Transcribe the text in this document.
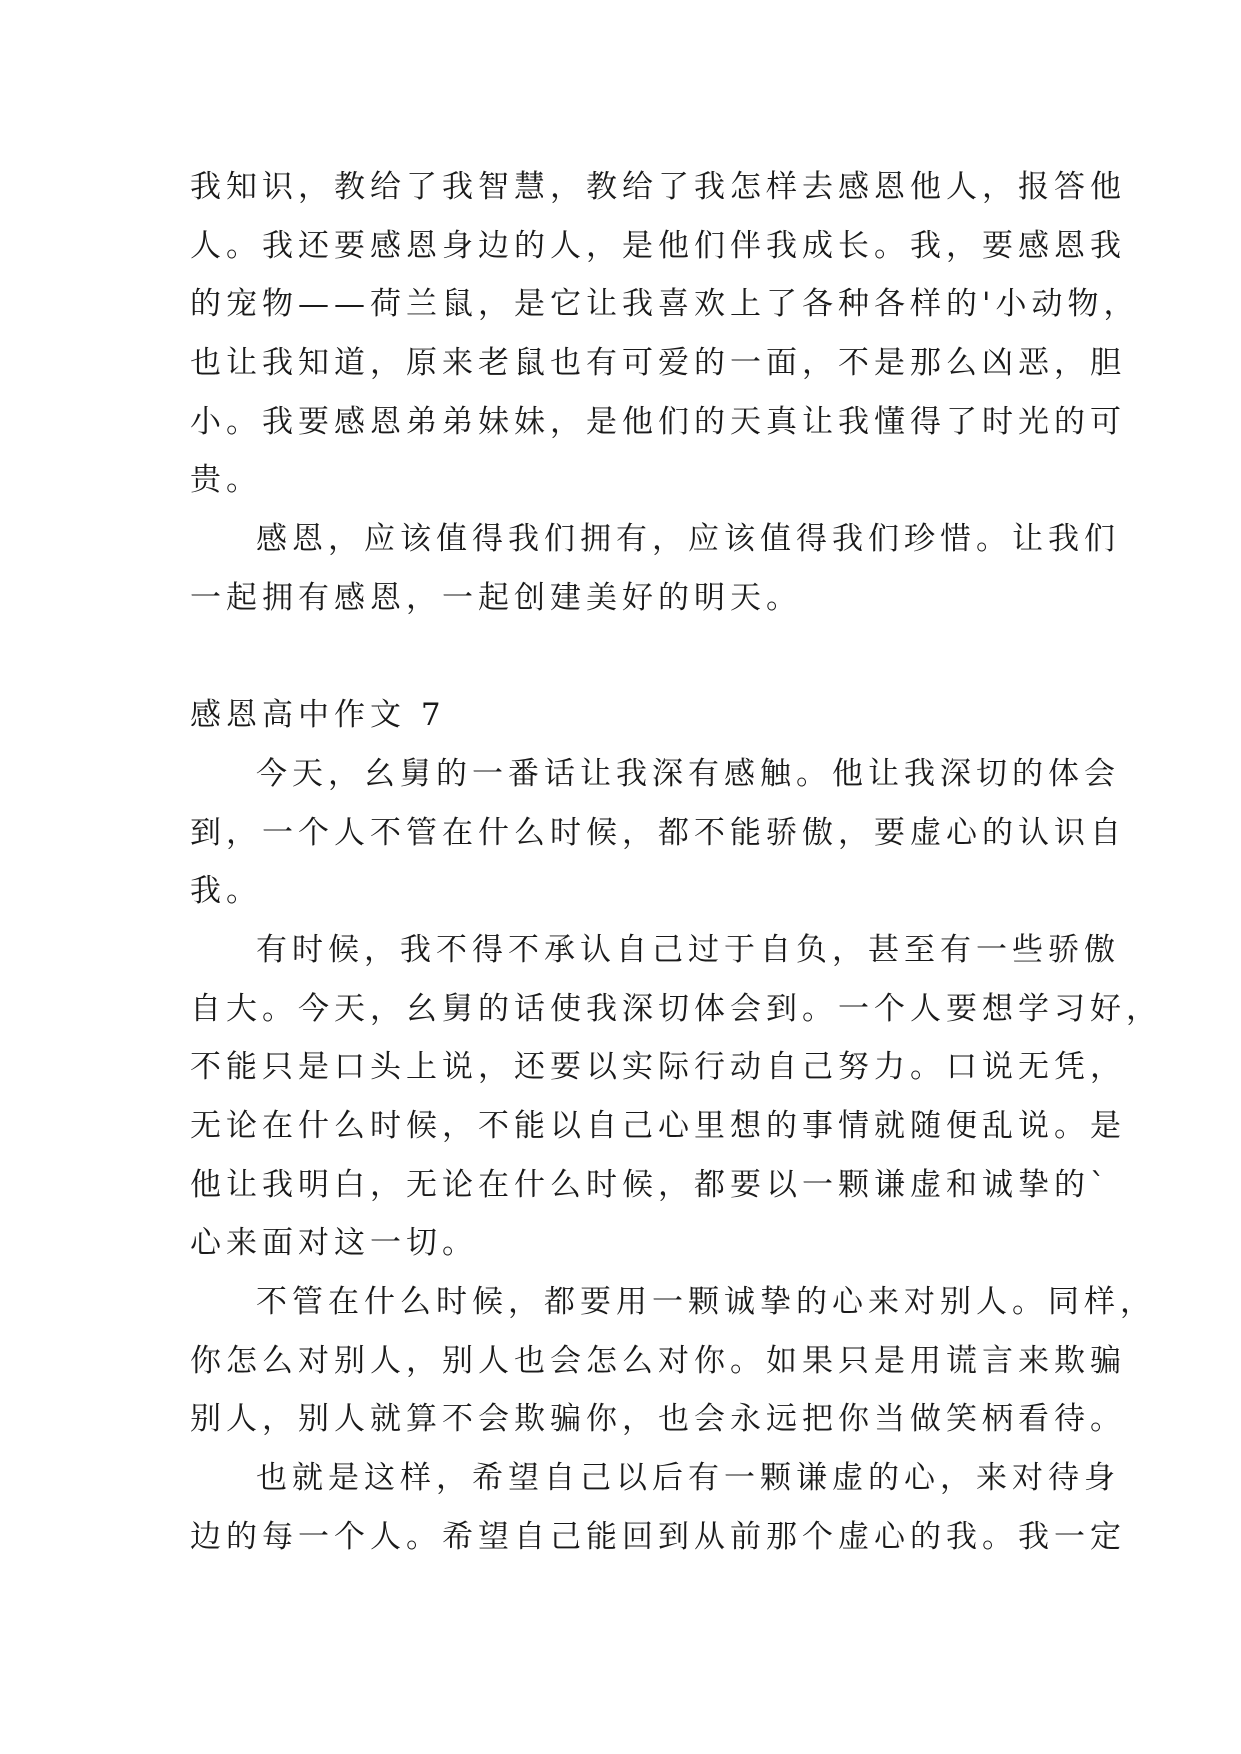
我知识，教给了我智慧，教给了我怎样去感恩他人，报答他
人。我还要感恩身边的人，是他们伴我成长。我，要感恩我
的宠物——荷兰鼠，是它让我喜欢上了各种各样的'小动物，
也让我知道，原来老鼠也有可爱的一面，不是那么凶恶，胆
小。我要感恩弟弟妹妹，是他们的天真让我懂得了时光的可
贵。
感恩，应该值得我们拥有，应该值得我们珍惜。让我们
一起拥有感恩，一起创建美好的明天。
感恩高中作文 7
今天，幺舅的一番话让我深有感触。他让我深切的体会
到，一个人不管在什么时候，都不能骄傲，要虚心的认识自
我。
有时候，我不得不承认自己过于自负，甚至有一些骄傲
自大。今天，幺舅的话使我深切体会到。一个人要想学习好，
不能只是口头上说，还要以实际行动自己努力。口说无凭，
无论在什么时候，不能以自己心里想的事情就随便乱说。是
他让我明白，无论在什么时候，都要以一颗谦虚和诚挚的`
心来面对这一切。
不管在什么时候，都要用一颗诚挚的心来对别人。同样，
你怎么对别人，别人也会怎么对你。如果只是用谎言来欺骗
别人，别人就算不会欺骗你，也会永远把你当做笑柄看待。
也就是这样，希望自己以后有一颗谦虚的心，来对待身
边的每一个人。希望自己能回到从前那个虚心的我。我一定
